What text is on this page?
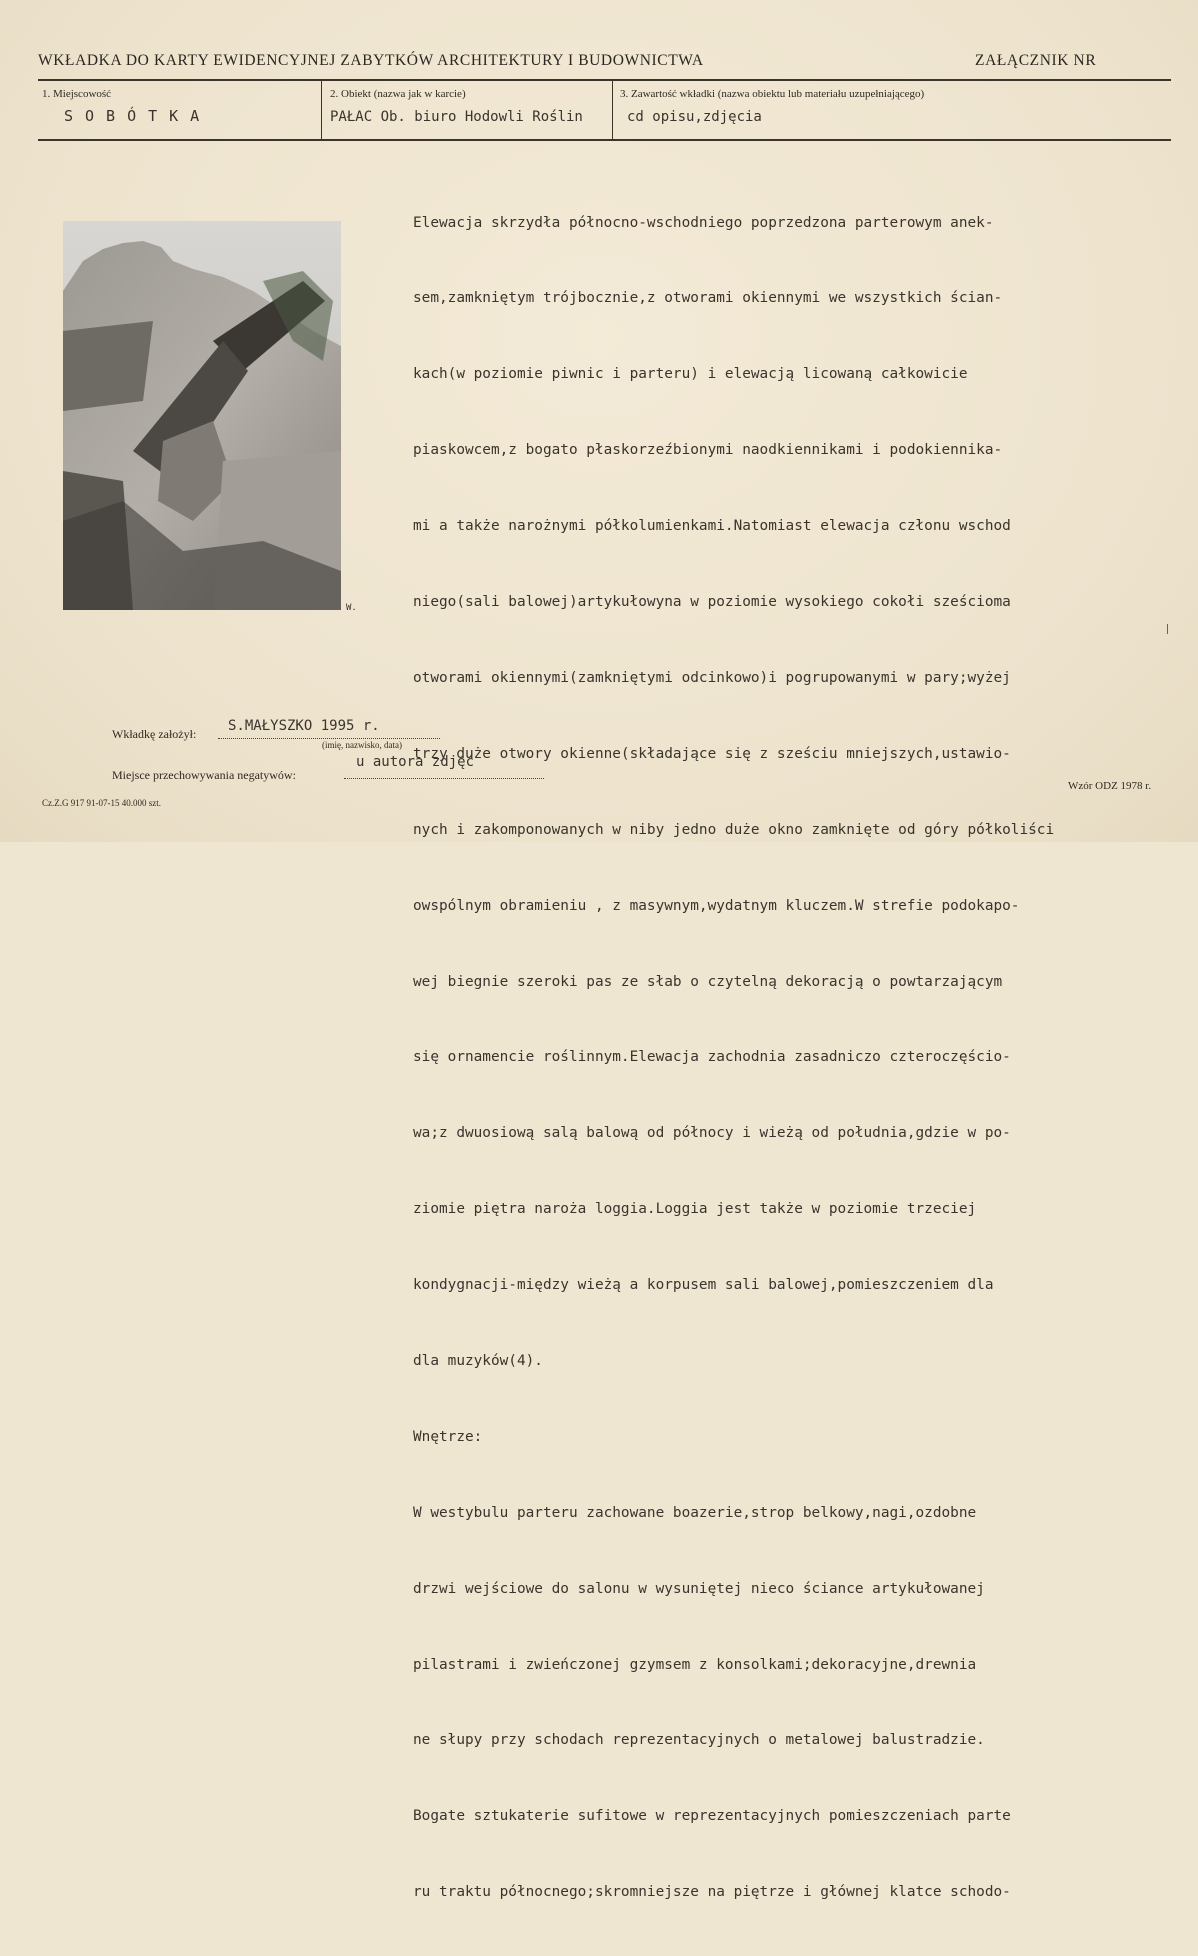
WKŁADKA DO KARTY EWIDENCYJNEJ ZABYTKÓW ARCHITEKTURY I BUDOWNICTWA	ZAŁĄCZNIK NR
1. Miejscowość
SOBÓTKA
2. Obiekt (nazwa jak w karcie)
PAŁAC Ob. biuro Hodowli Roślin
3. Zawartość wkładki (nazwa obiektu lub materiału uzupełniającego)
cd opisu,zdjęcia
W.

Elewacja skrzydła północno-wschodniego poprzedzona parterowym anek-

sem,zamkniętym trójbocznie,z otworami okiennymi we wszystkich ścian-

kach(w poziomie piwnic i parteru) i elewacją licowaną całkowicie

piaskowcem,z bogato płaskorzeźbionymi naodkiennikami i podokiennika-

mi a także narożnymi półkolumienkami.Natomiast elewacja członu wschod

niego(sali balowej)artykułowyna w poziomie wysokiego cokołi sześcioma

otworami okiennymi(zamkniętymi odcinkowo)i pogrupowanymi w pary;wyżej

trzy duże otwory okienne(składające się z sześciu mniejszych,ustawio-

nych i zakomponowanych w niby jedno duże okno zamknięte od góry półkoliści

owspólnym obramieniu , z masywnym,wydatnym kluczem.W strefie podokapo-

wej biegnie szeroki pas ze słab o czytelną dekoracją o powtarzającym

się ornamencie roślinnym.Elewacja zachodnia zasadniczo czteroczęścio-

wa;z dwuosiową salą balową od północy i wieżą od południa,gdzie w po-

ziomie piętra naroża loggia.Loggia jest także w poziomie trzeciej

kondygnacji-między wieżą a korpusem sali balowej,pomieszczeniem dla

dla muzyków(4).

Wnętrze:

W westybulu parteru zachowane boazerie,strop belkowy,nagi,ozdobne

drzwi wejściowe do salonu w wysuniętej nieco ściance artykułowanej

pilastrami i zwieńczonej gzymsem z konsolkami;dekoracyjne,drewnia

ne słupy przy schodach reprezentacyjnych o metalowej balustradzie.

Bogate sztukaterie sufitowe w reprezentacyjnych pomieszczeniach parte

ru traktu północnego;skromniejsze na piętrze i głównej klatce schodo-

Wkładkę założył: S.MAŁYSZKO 1995 r.
(imię, nazwisko, data)
Miejsce przechowywania negatywów:
u autora zdjęć
Cz.Z.G 917 91-07-15 40.000 szt.
Wzór ODZ 1978 r.
